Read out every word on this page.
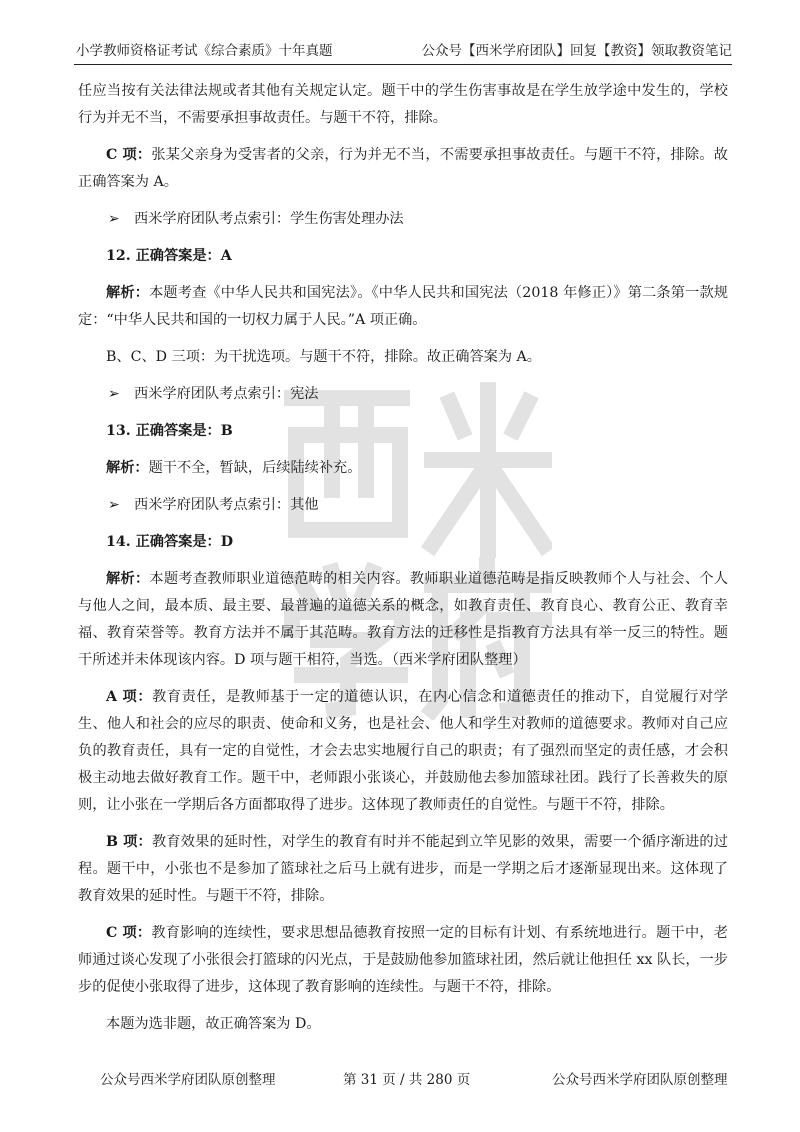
小学教师资格证考试《综合素质》十年真题	公众号【西米学府团队】回复【教资】领取教资笔记

任应当按有关法律法规或者其他有关规定认定。题干中的学生伤害事故是在学生放学途中发生的，学校行为并无不当，不需要承担事故责任。与题干不符，排除。

C 项：张某父亲身为受害者的父亲，行为并无不当，不需要承担事故责任。与题干不符，排除。故正确答案为 A。

➢ 西米学府团队考点索引：学生伤害处理办法

12. 正确答案是：A

解析：本题考查《中华人民共和国宪法》。《中华人民共和国宪法（2018 年修正）》第二条第一款规定：“中华人民共和国的一切权力属于人民。”A 项正确。

B、C、D 三项：为干扰选项。与题干不符，排除。故正确答案为 A。

➢ 西米学府团队考点索引：宪法

13. 正确答案是：B

解析：题干不全，暂缺，后续陆续补充。

➢ 西米学府团队考点索引：其他

14. 正确答案是：D

解析：本题考查教师职业道德范畴的相关内容。教师职业道德范畴是指反映教师个人与社会、个人与他人之间，最本质、最主要、最普遍的道德关系的概念，如教育责任、教育良心、教育公正、教育幸福、教育荣誉等。教育方法并不属于其范畴。教育方法的迁移性是指教育方法具有举一反三的特性。题干所述并未体现该内容。D 项与题干相符，当选。（西米学府团队整理）

A 项：教育责任，是教师基于一定的道德认识，在内心信念和道德责任的推动下，自觉履行对学生、他人和社会的应尽的职责、使命和义务，也是社会、他人和学生对教师的道德要求。教师对自己应负的教育责任，具有一定的自觉性，才会去忠实地履行自己的职责；有了强烈而坚定的责任感，才会积极主动地去做好教育工作。题干中，老师跟小张谈心，并鼓励他去参加篮球社团。践行了长善救失的原则，让小张在一学期后各方面都取得了进步。这体现了教师责任的自觉性。与题干不符，排除。

B 项：教育效果的延时性，对学生的教育有时并不能起到立竿见影的效果，需要一个循序渐进的过程。题干中，小张也不是参加了篮球社之后马上就有进步，而是一学期之后才逐渐显现出来。这体现了教育效果的延时性。与题干不符，排除。

C 项：教育影响的连续性，要求思想品德教育按照一定的目标有计划、有系统地进行。题干中，老师通过谈心发现了小张很会打篮球的闪光点，于是鼓励他参加篮球社团，然后就让他担任 xx 队长，一步步的促使小张取得了进步，这体现了教育影响的连续性。与题干不符，排除。

本题为选非题，故正确答案为 D。

公众号西米学府团队原创整理	第 31 页 / 共 280 页	公众号西米学府团队原创整理
